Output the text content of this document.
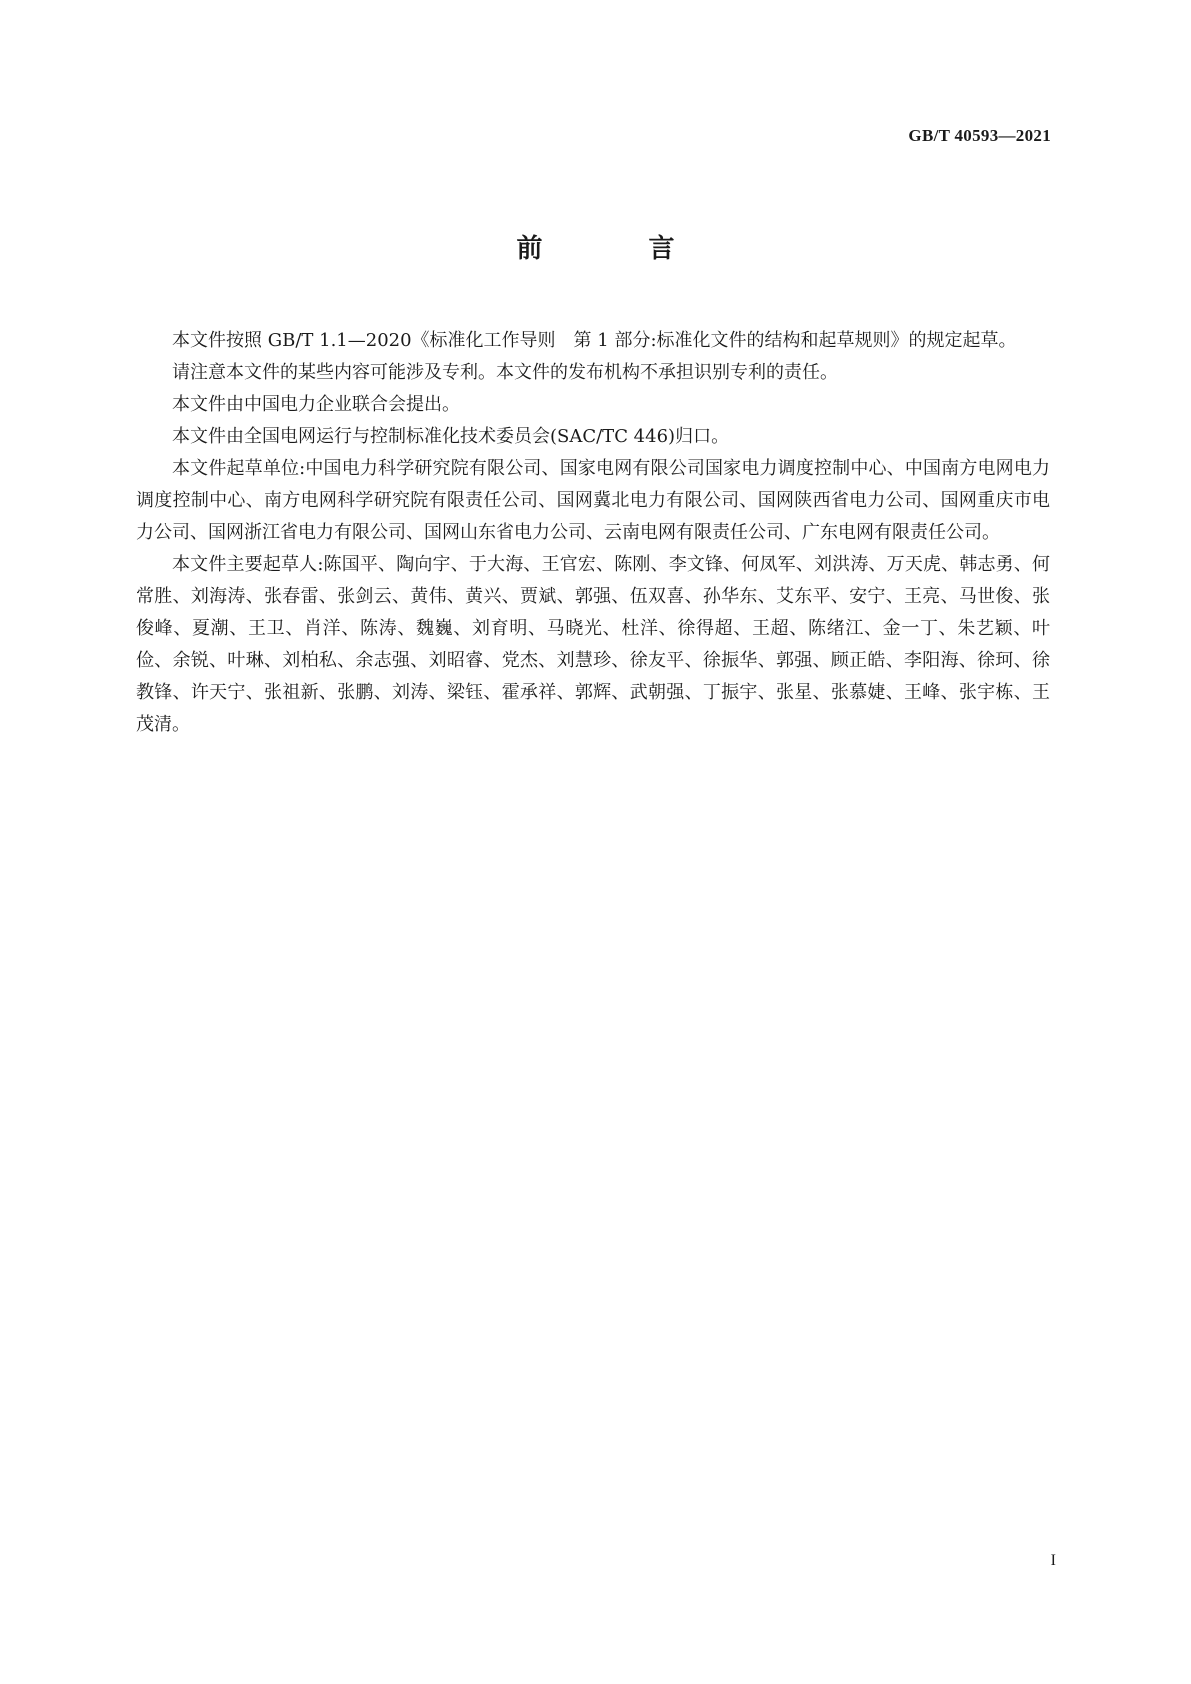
GB/T 40593—2021
前　言

本文件按照 GB/T 1.1—2020《标准化工作导则　第 1 部分:标准化文件的结构和起草规则》的规定起草。

请注意本文件的某些内容可能涉及专利。本文件的发布机构不承担识别专利的责任。

本文件由中国电力企业联合会提出。

本文件由全国电网运行与控制标准化技术委员会(SAC/TC 446)归口。

本文件起草单位:中国电力科学研究院有限公司、国家电网有限公司国家电力调度控制中心、中国南方电网电力调度控制中心、南方电网科学研究院有限责任公司、国网冀北电力有限公司、国网陕西省电力公司、国网重庆市电力公司、国网浙江省电力有限公司、国网山东省电力公司、云南电网有限责任公司、广东电网有限责任公司。

本文件主要起草人:陈国平、陶向宇、于大海、王官宏、陈刚、李文锋、何凤军、刘洪涛、万天虎、韩志勇、何常胜、刘海涛、张春雷、张剑云、黄伟、黄兴、贾斌、郭强、伍双喜、孙华东、艾东平、安宁、王亮、马世俊、张俊峰、夏潮、王卫、肖洋、陈涛、魏巍、刘育明、马晓光、杜洋、徐得超、王超、陈绪江、金一丁、朱艺颖、叶俭、余锐、叶琳、刘柏私、余志强、刘昭睿、党杰、刘慧珍、徐友平、徐振华、郭强、顾正皓、李阳海、徐珂、徐教锋、许天宁、张祖新、张鹏、刘涛、梁钰、霍承祥、郭辉、武朝强、丁振宇、张星、张慕婕、王峰、张宇栋、王茂清。

I
